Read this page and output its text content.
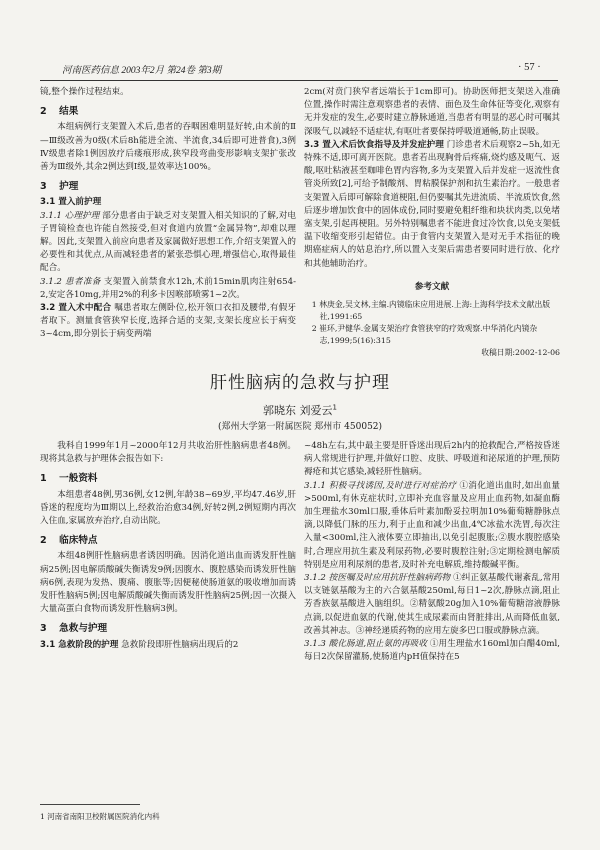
河南医药信息 2003年2月 第24卷 第3期	· 57 ·

镜,整个操作过程结束。

2 结果

本组病例行支架置入术后,患者的吞咽困难明显好转,由术前的Ⅱ—Ⅲ级改善为0级(术后8h能进全流、半流食,34后即可进普食),3例Ⅳ级患者除1例因放疗后瘘痕形成,狭窄段弯曲变形影响支架扩张改善为Ⅲ级外,其余2例达到Ⅰ级,显效率达100%。

3 护理

3.1 置入前护理

3.1.1 心理护理 部分患者由于缺乏对支架置入相关知识的了解,对电子胃镜检查也许能自然接受,但对食道内放置“金属异物”,却难以理解。因此,支架置入前应向患者及家属做好思想工作,介绍支架置入的必要性和其优点,从而减轻患者的紧张恐惧心理,增强信心,取得最佳配合。

3.1.2 患者准备 支架置入前禁食水12h,术前15min肌肉注射654-2,安定各10mg,并用2%的利多卡因喉部喷雾1~2次。

3.2 置入术中配合 嘱患者取左侧卧位,松开领口衣扣及腰带,有假牙者取下。测量食管狭窄长度,选择合适的支架,支架长度应长于病变3~4cm,即分别长于病变两端

2cm(对贲门狭窄者远端长于1cm即可)。协助医师把支架送入准确位置,操作时需注意观察患者的表情、面色及生命体征等变化,观察有无并发症的发生,必要时建立静脉通道,当患者有明显的恶心时可嘱其深吸气,以减轻不适症状,有呕吐者要保持呼吸道通畅,防止误吸。

3.3 置入术后饮食指导及并发症护理 门诊患者术后观察2~5h,如无特殊不适,即可离开医院。患者若出现胸骨后疼痛,烧灼感及呃气、返酸,呕吐粘液甚至咖啡色胃内容物,多为支架置入后并发症一返流性食管炎所致[2],可给予制酸剂、胃粘膜保护剂和抗生素治疗。一般患者支架置入后即可解除食道梗阻,但仍要嘱其先进流质、半流质饮食,然后逐步增加饮食中的固体成份,同时要避免粗纤维和块状肉类,以免堵塞支架,引起再梗阻。另外特别嘱患者不能进食过冷饮食,以免支架低温下收缩变形引起错位。由于食管内支架置入是对无手术指征的晚期癌症病人的姑息治疗,所以置入支架后需患者要同时进行放、化疗和其他辅助治疗。

参考文献
1 林庚金,吴文林,主编.内镜临床应用进展.上海:上海科学技术文献出版社,1991:65
2 崔环,尹健华.金属支架治疗食管狭窄的疗效观察.中华消化内镜杂志,1999;5(16):315
收稿日期:2002-12-06
肝性脑病的急救与护理
郭晓东 刘爱云$^1$
(郑州大学第一附属医院 郑州市 450052)

我科自1999年1月~2000年12月共收治肝性脑病患者48例。现将其急救与护理体会报告如下:

1 一般资料

本组患者48例,男36例,女12例,年龄38~69岁,平均47.46岁,肝昏迷的程度均为Ⅲ期以上,经救治治愈34例,好转2例,2例短期内再次入住血,家属放弃治疗,自动出院。

2 临床特点

本组48例肝性脑病患者诱因明确。因消化道出血而诱发肝性脑病25例;因电解质酸碱失衡诱发9例;因腹水、腹腔感染而诱发肝性脑病6例,表现为发热、腹痛、腹胀等;因便秘使肠道氨的吸收增加而诱发肝性脑病5例;因电解质酸碱失衡而诱发肝性脑病25例;因一次摄入大量高蛋白食物而诱发肝性脑病3例。

3 急救与护理

3.1 急救阶段的护理 急救阶段即肝性脑病出现后的2

~48h左右,其中最主要是肝昏迷出现后2h内的抢救配合,严格按昏迷病人常规进行护理,并做好口腔、皮肤、呼吸道和泌尿道的护理,预防褥疮和其它感染,减轻肝性脑病。

3.1.1 积极寻找诱因,及时进行对症治疗 ①消化道出血时,如出血量>500ml,有休克症状时,立即补充血容量及应用止血药物,如凝血酶加生理盐水30ml口服,垂体后叶素加酚妥拉明加10%葡萄糖静脉点滴,以降低门脉的压力,利于止血和减少出血,4℃冰盐水洗胃,每次注入量<300ml,注入液体要立即抽出,以免引起腹胀;②腹水腹腔感染时,合理应用抗生素及利尿药物,必要时腹腔注射;③定期检测电解质特别是应用利尿剂的患者,及时补充电解质,维持酸碱平衡。

3.1.2 按医嘱及时应用抗肝性脑病药物 ①纠正氨基酸代谢紊乱,常用以支链氨基酸为主的六合氨基酸250ml,每日1~2次,静脉点滴,阻止芳香族氨基酸进入脑组织。②精氨酸20g加入10%葡萄糖溶液静脉点滴,以促进血氨的代谢,使其生成尿素而由肾脏排出,从而降低血氨,改善其神志。③神经递质药物的应用左旋多巴口服或静脉点滴。

3.1.3 酸化肠道,阻止氨的再吸收 ①用生理盐水160ml加白醋40ml,每日2次保留灌肠,使肠道内pH值保持在5

1 河南省南阳卫校附属医院消化内科
